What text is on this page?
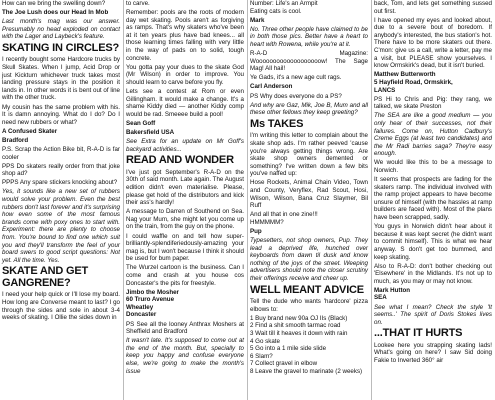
How can we bring the swelling down?

The Joe Lush does our Head In Mob

Last month's mag was our answer. Presumably no head exploded on contact with the Lager and Laybeck's feature.

SKATING IN CIRCLES?

I recently bought some Hardcore trucks by Skull Skates. When I jump, Acid Drop or just Kickturn whichever truck takes most landing pressure stays in the position it lands in. In other words it is bent out of line with the other truck.

My cousin has the same problem with his. It is damn annoying. What do I do? Do I need new rubbers or what?

A Confused Skater

Bradford

P.S. Scrap the Action Bike bit, R-A-D is far cooler

PPS Do skaters really order from that joke shop ad?

PPPS Any spare stickers knocking about?

Yes, it sounds like a new set of rubbers would solve your problem. Even the best rubbers don't last forever and it's surprising how even some of the most famous brands come with poxy ones to start with. Experiment: there are plenty to choose from. You're bound to find one which suit you and they'll transform the feel of your board swers to good script questions: Not yet. All the time. Yes.

SKATE AND GET GANGRENE?

I need your help quick or I'll lose my board. How long are Converse meant to last? I go through the sides and sole in about 3-4 weeks of skating. I Ollie the sides down in

to carve.

Remember: pools are the roots of modern day wet skating. Pools aren't as forgiving as ramps. That's why skaters who've been at it ten years plus have bad knees... all those learning times falling with very little in the way of pads on to solid, tough concrete.

You gotta pay your dues to the skate God (Mr Wilson) in order to improve. You should learn to carve before you fly.

Lets see a contest at Rom or even Gillingham. It would make a change. It's a shame Kiddy died — another Kiddy comp would be rad. Smeeee build a pool!

Sean Goff

Bakersfield USA

See Extra for an update on Mr Goff's backyard activities...

READ AND WONDER

I've just got September's R-A-D on the 30th of said month. Late again. The August edition didn't even materialise. Please, please get hold of the distributors and kick their ass's hardly!

A message to Darren of Southend on Sea. Nag your Mum, she might let you come up on the train, from the guy on the phone.

I could waffle on and tell how super-brilliantly-splendiferiedously-amazing your mag is, but I won't because I think it should be used for bum paper.

The Wurzel cartoon is the business. Can I come and crash at you house cos Doncaster's the pits for freestyle.

Jimbo the Mosher

60 Truro Avenue

Wheatley

Doncaster

PS See all the looney Anthrax Moshers at Sheffield and Bradford

It wasn't late. It's supposed to come out at the end of the month. But, specially to keep you happy and confuse everyone else, we're going to make the month's issue

Number: Life's an Armpit

Eating cats is cool.

Mark

No. Three other people have claimed to be in both those pics. Better have a heart to heart with Rowena, while you're at it.

R-A-D Magazine: Wooooooooooooooooooow! The Sage Mag! All hail!

Ye Gads, it's a new age cult rags.

Carl Anderson

PS Why does everyone do a PS?

And why are Gaz, Mik, Joe B, Mum and all these other fellows they keep greeting?

Ms TAKES

I'm writing this letter to complain about the skate shop ads. I'm rather peeved 'cause you're always getting things wrong. Are skate shop owners demented or something? I've written down a few bits you've naffed up:

Hose Rockets, Animal Chain Video, Town and County, Veryflex, Rad Scout, Hosi, Wilson, Wilson, Bana Cruz Slaymer, Bil Ruff

And all that in one zine!!!

HMMMMM?

Pup

Typesetters, not shop owners, Pup. They lead a deprived life, hunched over keyboards from dawn til dusk and know nothing of the joys of the street. Weeping advertisers should note the closer scrutiny their offerings receive and cheer up.

WELL MEANT ADVICE

Tell the dude who wants 'hardcore' pizza elbows to:

1 Buy brand new 90a OJ IIs (Black)

2 Find a shit smooth tarmac road

3 Wait till it heaves it down with rain

4 Go skate

5 Go into a 1 mile side slide

6 Slam?

7 Collect gravel in elbow

8 Leave the gravel to marinate (2 weeks)

back, Tom, and lets get something sussed out first.

I have opened my eyes and looked about, due to a severe bout of boredom. If anybody's interested, the bus station's hot. There have to be more skaters out there. C'mon: give us a call, write a letter, pay me a visit, but PLEASE show yourselves. I know Ormskirk's dead, but it isn't buried.

Matthew Butterworth

5 Hayfield Road, Ormskirk,

LANCS

PS Hi to Chris and Pig: they rang, we talked, we skate Preston

The SEA are like a good medium — you only hear of their successes, not their failures. Come on, Hutton Cadbury's Creme Eggs (at least two candidates) and the Mr Radi barries saga? They're easy enough.

We would like this to be a message to Norwich.

It seems that prospects are fading for the skaters ramp. The individual involved with the ramp project appears to have become unsure of himself (with the hassles at ramp builders are faced with). Most of the plans have been scrapped, sadly.

You guys in Norwich didn't hear about it because it was kept secret (he didn't want to commit himself). This is what we hear anyway. S don't get too bummed, and keep skating.

Also to R-A-D: don't bother checking out 'Elsewhere' in the Midlands. It's not up to much, as you may or may not know.

Mark Hutton

SEA

See what I mean? Check the style 'It seems..' The spirit of Doris Stokes lives on.

...THAT IT HURTS

Lookee here you strapping skating lads! What's going on here? I saw Sid doing Fakie to Inverted 360° air
